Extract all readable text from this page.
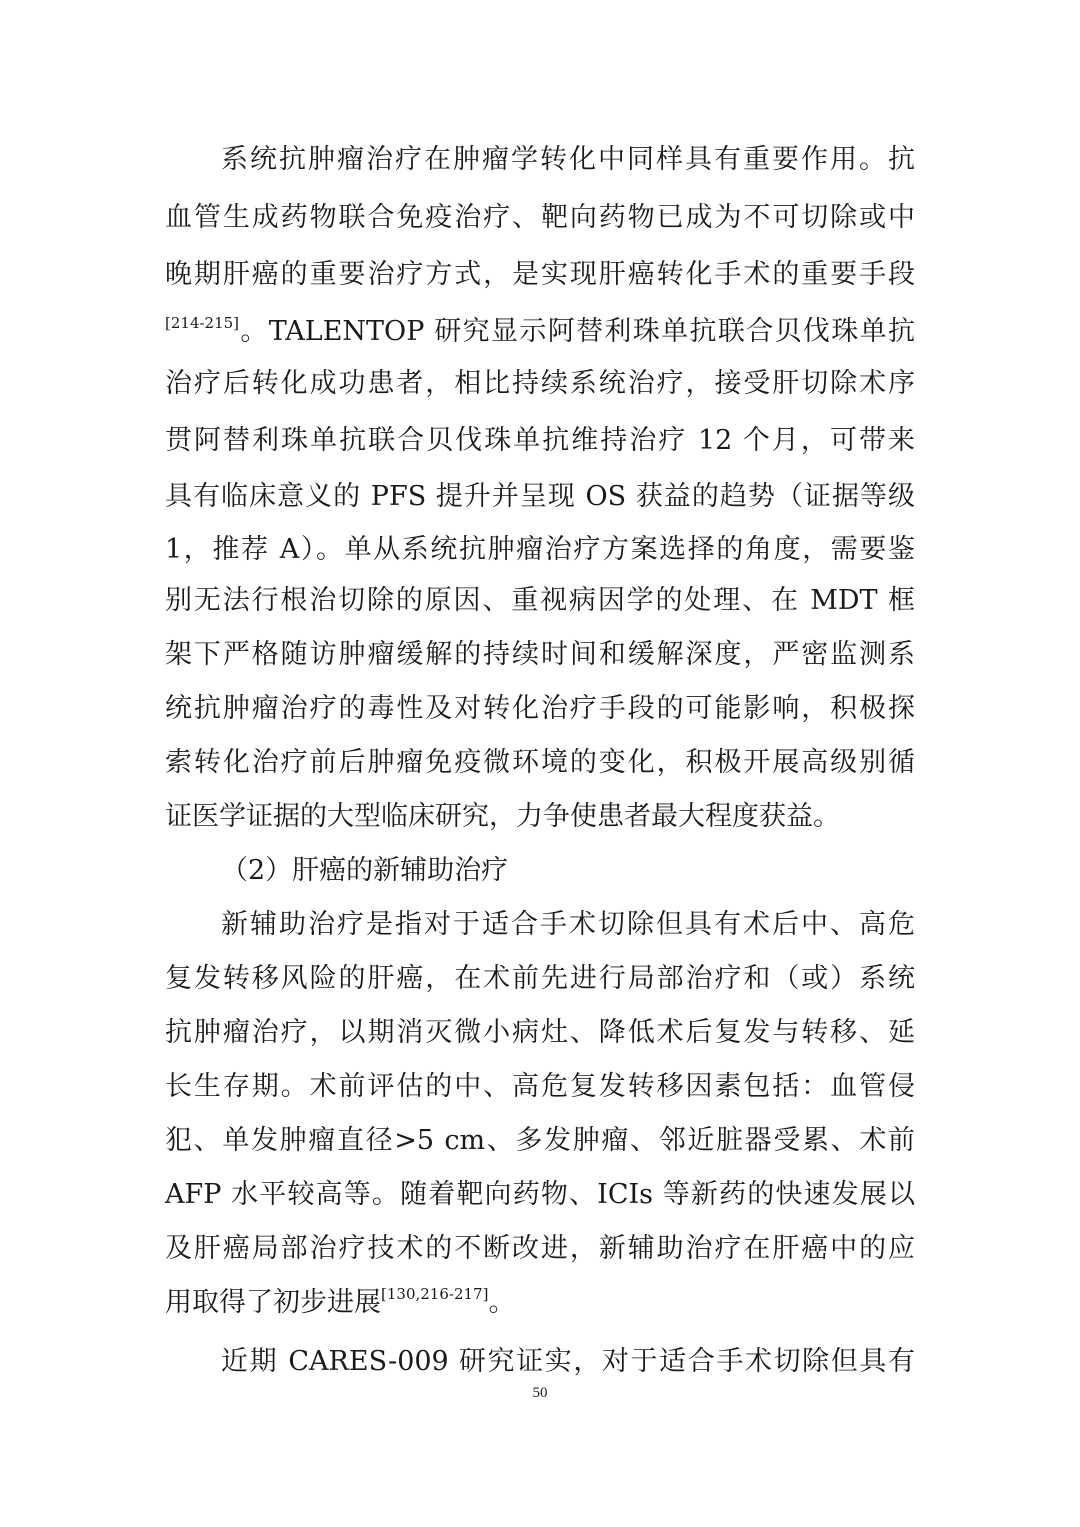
系统抗肿瘤治疗在肿瘤学转化中同样具有重要作用。抗
血管生成药物联合免疫治疗、靶向药物已成为不可切除或中
晚期肝癌的重要治疗方式，是实现肝癌转化手术的重要手段
[214-215]。TALENTOP 研究显示阿替利珠单抗联合贝伐珠单抗
治疗后转化成功患者，相比持续系统治疗，接受肝切除术序
贯阿替利珠单抗联合贝伐珠单抗维持治疗 12 个月，可带来
具有临床意义的 PFS 提升并呈现 OS 获益的趋势（证据等级
1，推荐 A）。单从系统抗肿瘤治疗方案选择的角度，需要鉴
别无法行根治切除的原因、重视病因学的处理、在 MDT 框
架下严格随访肿瘤缓解的持续时间和缓解深度，严密监测系
统抗肿瘤治疗的毒性及对转化治疗手段的可能影响，积极探
索转化治疗前后肿瘤免疫微环境的变化，积极开展高级别循
证医学证据的大型临床研究，力争使患者最大程度获益。
（2）肝癌的新辅助治疗
新辅助治疗是指对于适合手术切除但具有术后中、高危
复发转移风险的肝癌，在术前先进行局部治疗和（或）系统
抗肿瘤治疗，以期消灭微小病灶、降低术后复发与转移、延
长生存期。术前评估的中、高危复发转移因素包括：血管侵
犯、单发肿瘤直径>5 cm、多发肿瘤、邻近脏器受累、术前
AFP 水平较高等。随着靶向药物、ICIs 等新药的快速发展以
及肝癌局部治疗技术的不断改进，新辅助治疗在肝癌中的应
用取得了初步进展[130,216-217]。
近期 CARES-009 研究证实，对于适合手术切除但具有
50
